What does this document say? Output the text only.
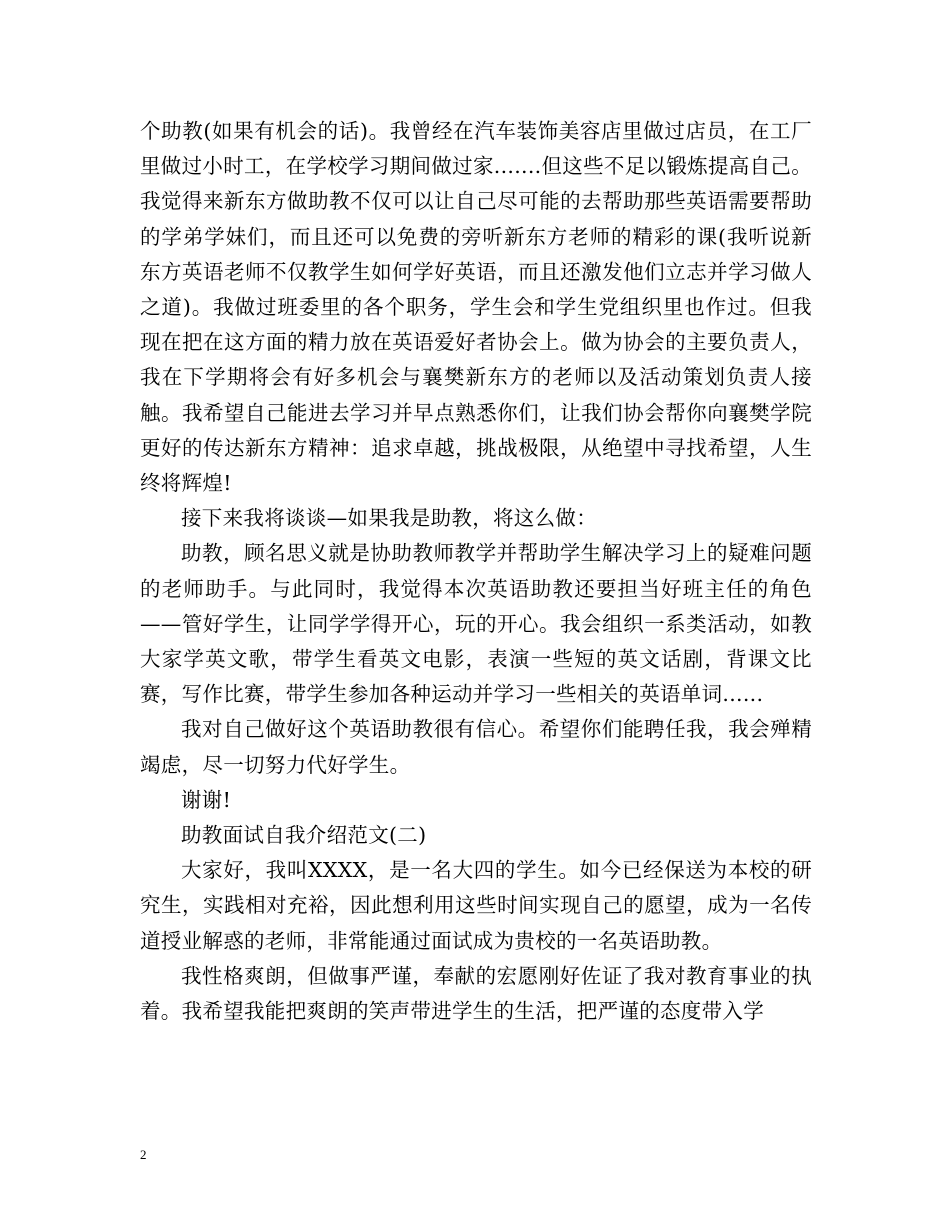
个助教(如果有机会的话)。我曾经在汽车装饰美容店里做过店员，在工厂里做过小时工，在学校学习期间做过家.......但这些不足以锻炼提高自己。我觉得来新东方做助教不仅可以让自己尽可能的去帮助那些英语需要帮助的学弟学妹们，而且还可以免费的旁听新东方老师的精彩的课(我听说新东方英语老师不仅教学生如何学好英语，而且还激发他们立志并学习做人之道)。我做过班委里的各个职务，学生会和学生党组织里也作过。但我现在把在这方面的精力放在英语爱好者协会上。做为协会的主要负责人，我在下学期将会有好多机会与襄樊新东方的老师以及活动策划负责人接触。我希望自己能进去学习并早点熟悉你们，让我们协会帮你向襄樊学院更好的传达新东方精神：追求卓越，挑战极限，从绝望中寻找希望，人生终将辉煌!

接下来我将谈谈—如果我是助教，将这么做：

助教，顾名思义就是协助教师教学并帮助学生解决学习上的疑难问题的老师助手。与此同时，我觉得本次英语助教还要担当好班主任的角色——管好学生，让同学学得开心，玩的开心。我会组织一系类活动，如教大家学英文歌，带学生看英文电影，表演一些短的英文话剧，背课文比赛，写作比赛，带学生参加各种运动并学习一些相关的英语单词......

我对自己做好这个英语助教很有信心。希望你们能聘任我，我会殚精竭虑，尽一切努力代好学生。

谢谢!

助教面试自我介绍范文(二)

大家好，我叫XXXX，是一名大四的学生。如今已经保送为本校的研究生，实践相对充裕，因此想利用这些时间实现自己的愿望，成为一名传道授业解惑的老师，非常能通过面试成为贵校的一名英语助教。

我性格爽朗，但做事严谨，奉献的宏愿刚好佐证了我对教育事业的执着。我希望我能把爽朗的笑声带进学生的生活，把严谨的态度带入学

2
